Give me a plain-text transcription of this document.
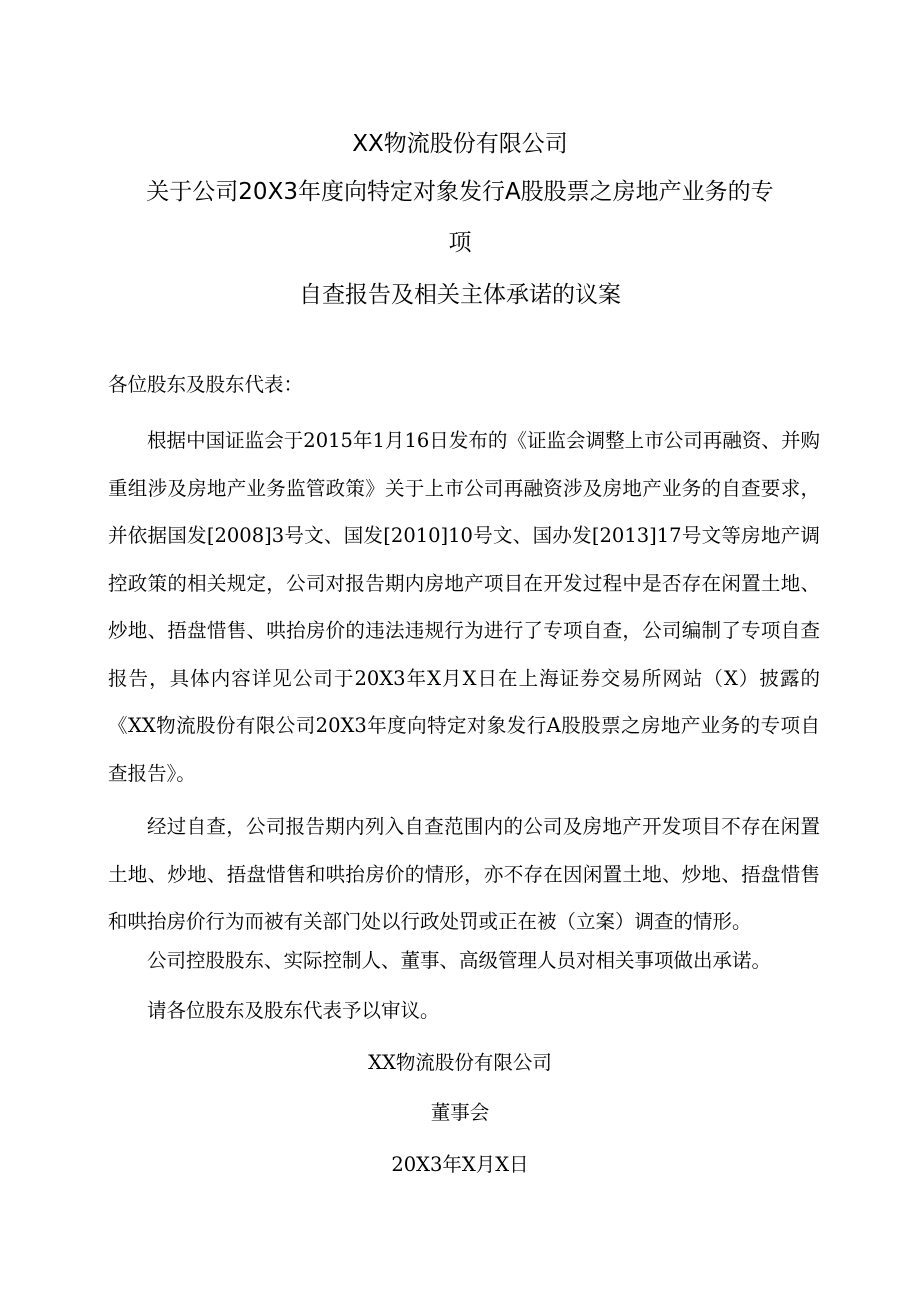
XX物流股份有限公司
关于公司20X3年度向特定对象发行A股股票之房地产业务的专
项
自查报告及相关主体承诺的议案
各位股东及股东代表：
根据中国证监会于2015年1月16日发布的《证监会调整上市公司再融资、并购重组涉及房地产业务监管政策》关于上市公司再融资涉及房地产业务的自查要求，并依据国发[2008]3号文、国发[2010]10号文、国办发[2013]17号文等房地产调控政策的相关规定，公司对报告期内房地产项目在开发过程中是否存在闲置土地、炒地、捂盘惜售、哄抬房价的违法违规行为进行了专项自查，公司编制了专项自查报告，具体内容详见公司于20X3年X月X日在上海证券交易所网站（X）披露的《XX物流股份有限公司20X3年度向特定对象发行A股股票之房地产业务的专项自查报告》。
经过自查，公司报告期内列入自查范围内的公司及房地产开发项目不存在闲置土地、炒地、捂盘惜售和哄抬房价的情形，亦不存在因闲置土地、炒地、捂盘惜售和哄抬房价行为而被有关部门处以行政处罚或正在被（立案）调查的情形。
公司控股股东、实际控制人、董事、高级管理人员对相关事项做出承诺。
请各位股东及股东代表予以审议。
XX物流股份有限公司
董事会
20X3年X月X日
